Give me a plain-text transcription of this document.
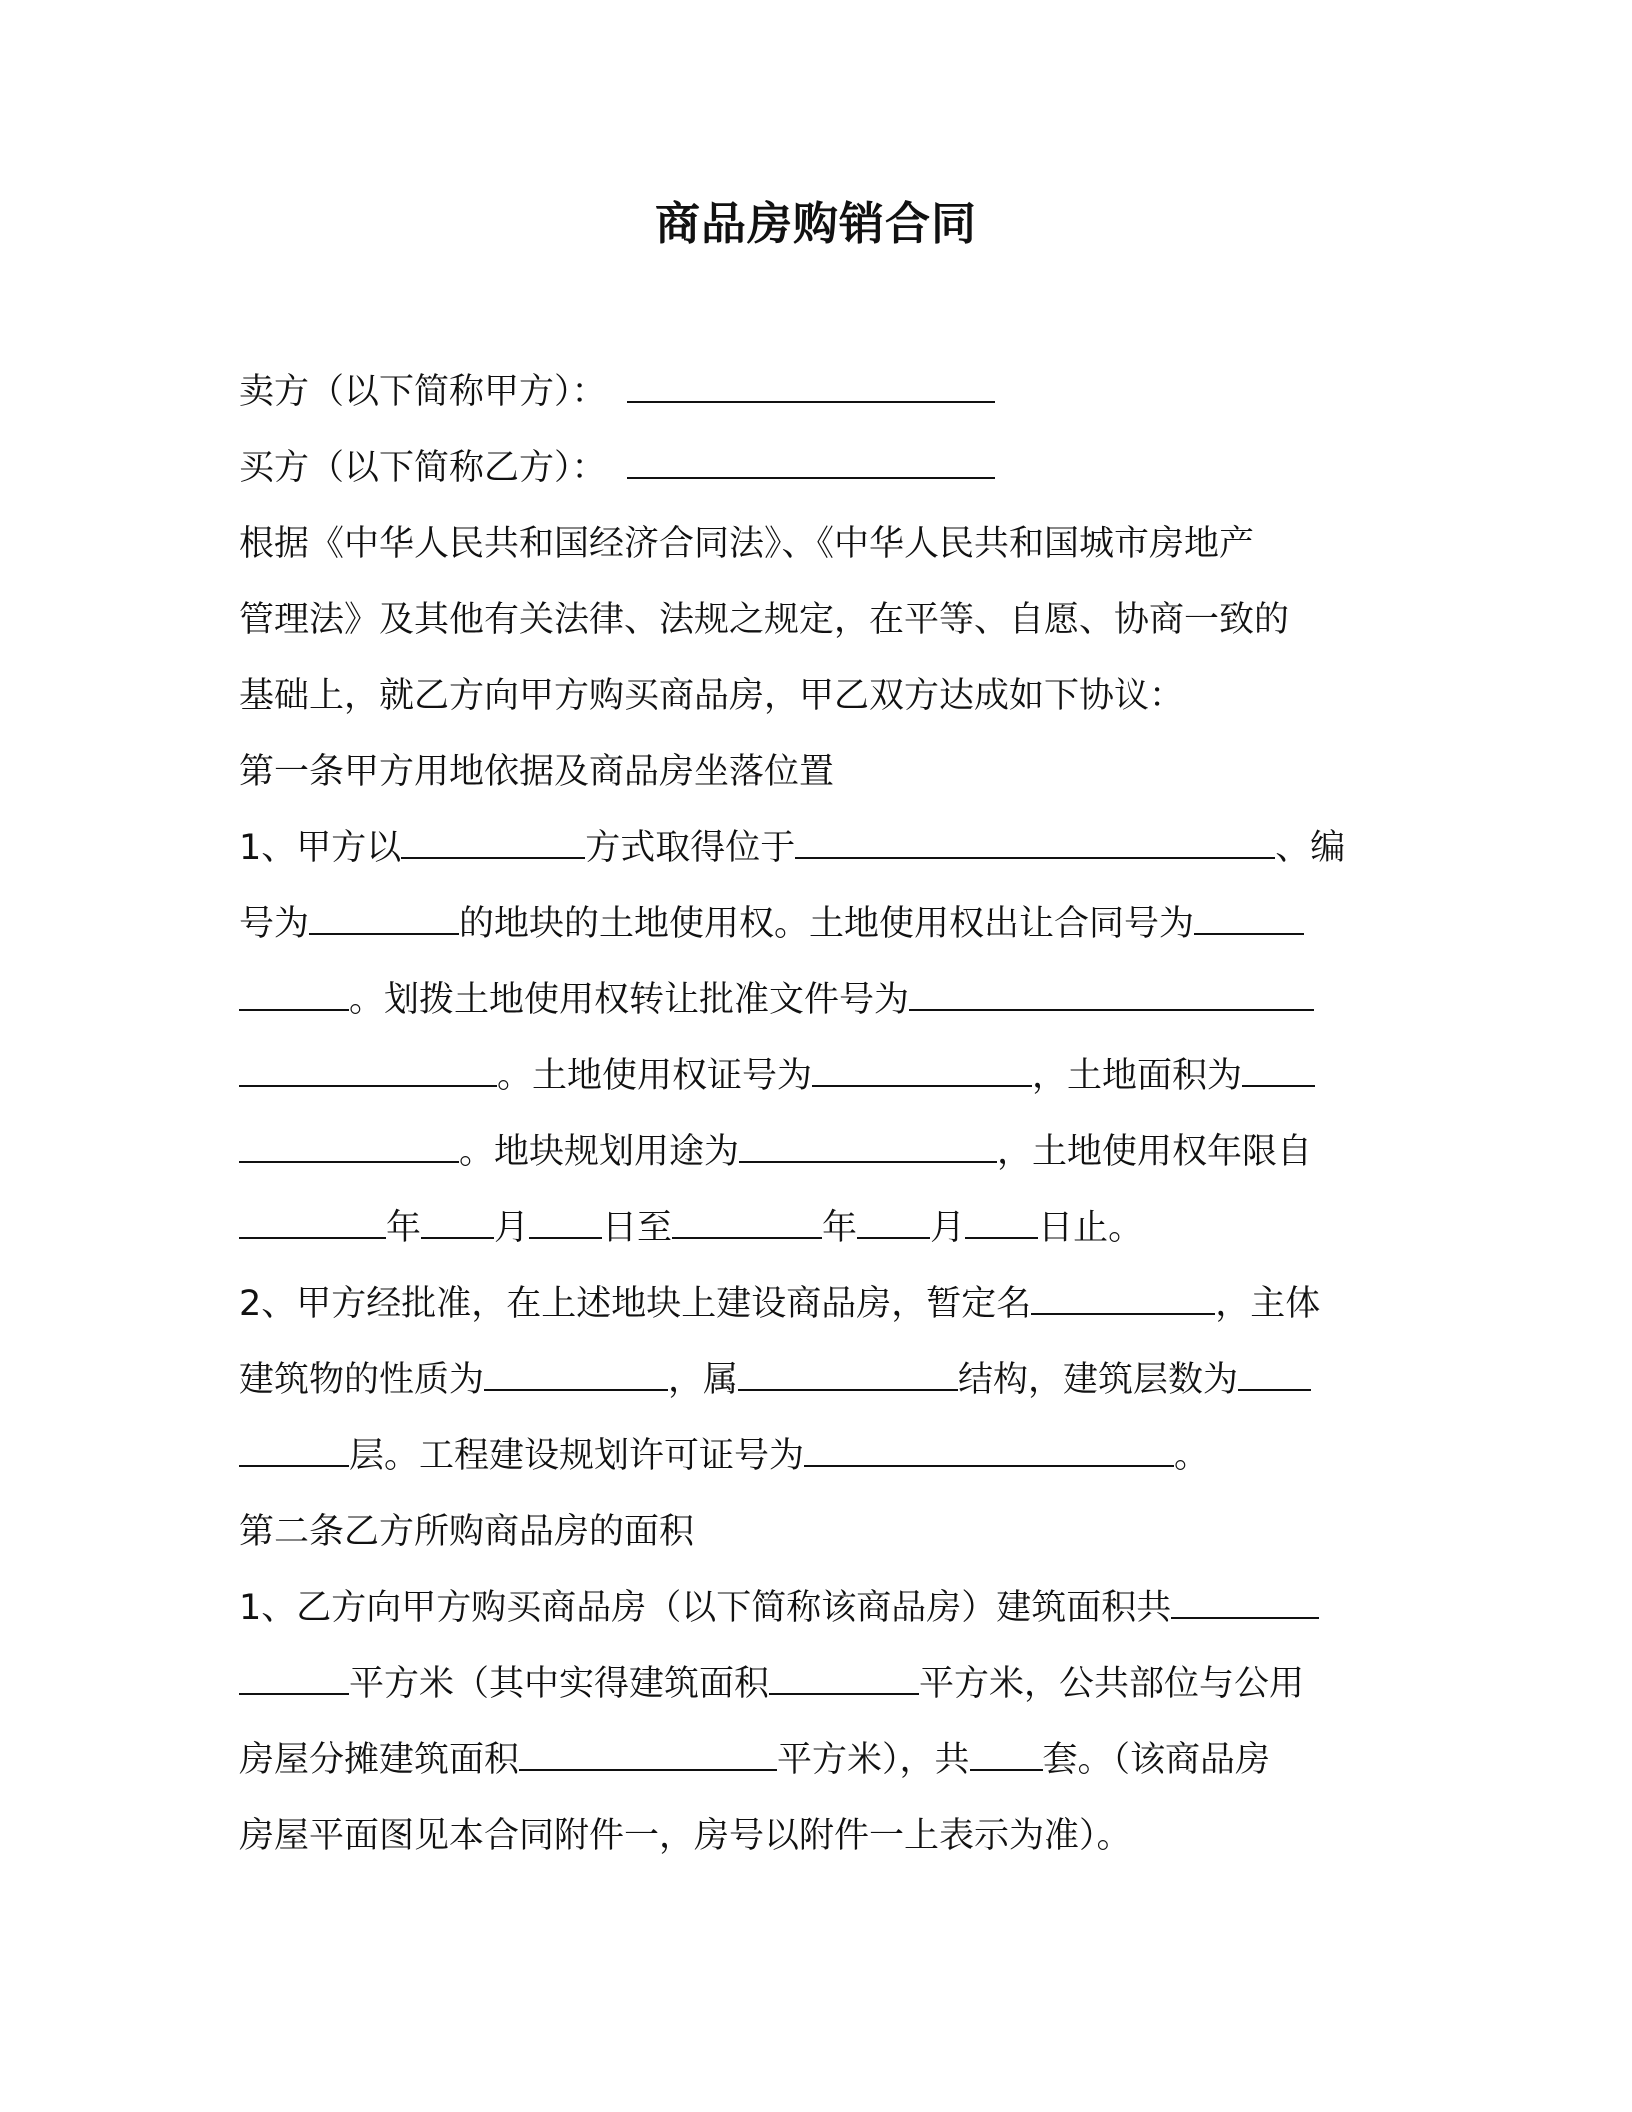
商品房购销合同
卖方（以下简称甲方）：
买方（以下简称乙方）：
根据《中华人民共和国经济合同法》、《中华人民共和国城市房地产
管理法》及其他有关法律、法规之规定，在平等、自愿、协商一致的
基础上，就乙方向甲方购买商品房，甲乙双方达成如下协议：
第一条甲方用地依据及商品房坐落位置
1、甲方以	方式取得位于	、编
号为	的地块的土地使用权。土地使用权出让合同号为
。划拨土地使用权转让批准文件号为
。土地使用权证号为	，土地面积为
。地块规划用途为	，土地使用权年限自
年 月 日至	年 月 日止。
2、甲方经批准，在上述地块上建设商品房，暂定名	，主体
建筑物的性质为	，属	结构，建筑层数为
层。工程建设规划许可证号为	。
第二条乙方所购商品房的面积
1、乙方向甲方购买商品房（以下简称该商品房）建筑面积共
平方米（其中实得建筑面积	平方米，公共部位与公用
房屋分摊建筑面积	平方米），共 套。（该商品房
房屋平面图见本合同附件一，房号以附件一上表示为准）。
